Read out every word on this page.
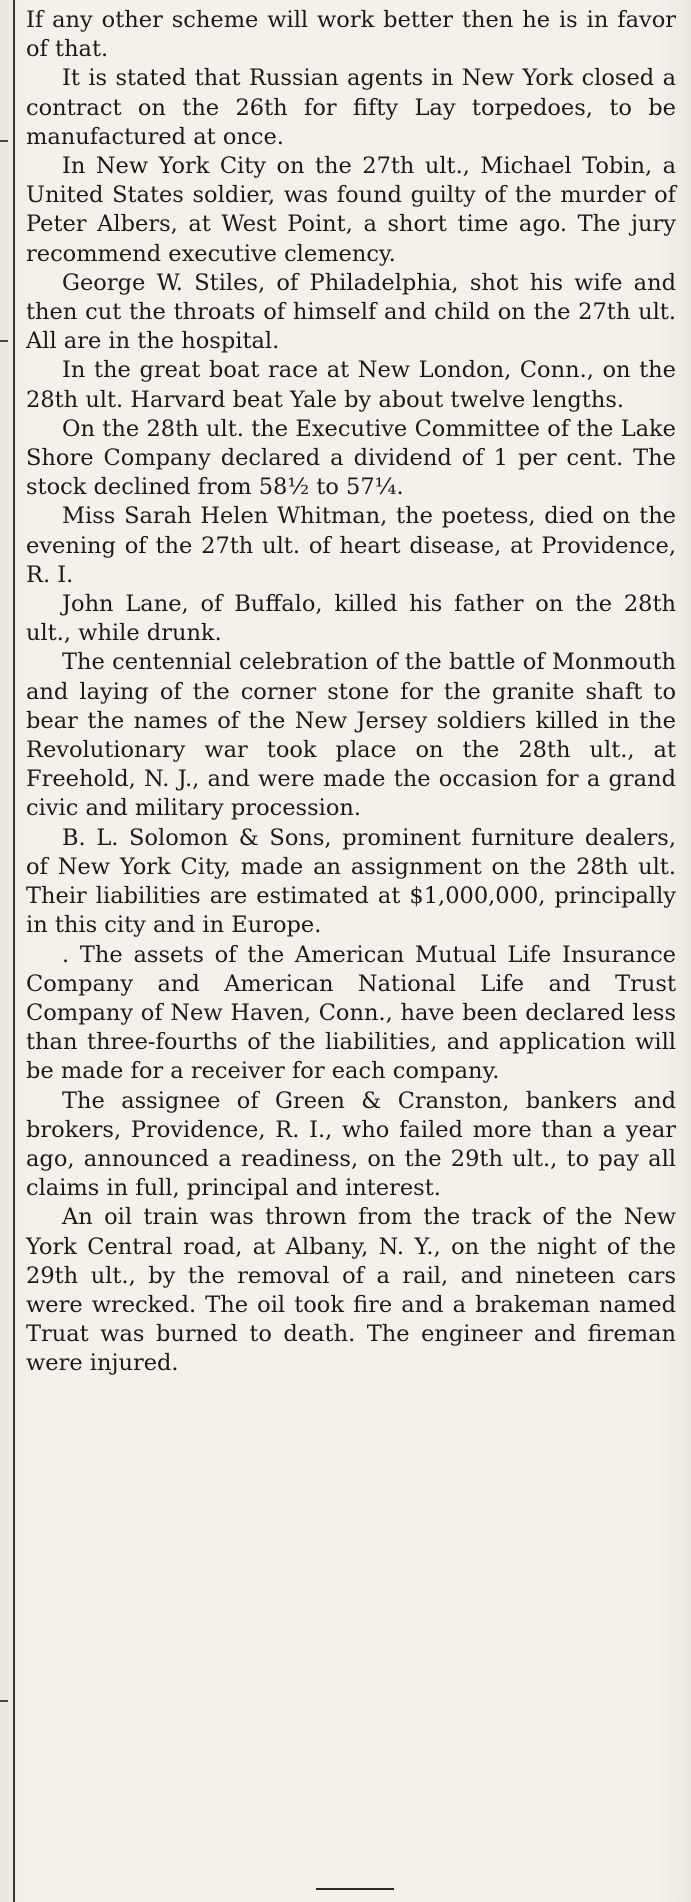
If any other scheme will work better then he is in favor of that.

It is stated that Russian agents in New York closed a contract on the 26th for fifty Lay torpedoes, to be manufactured at once.

In New York City on the 27th ult., Michael Tobin, a United States soldier, was found guilty of the murder of Peter Albers, at West Point, a short time ago. The jury recommend executive clemency.

George W. Stiles, of Philadelphia, shot his wife and then cut the throats of himself and child on the 27th ult. All are in the hospital.

In the great boat race at New London, Conn., on the 28th ult. Harvard beat Yale by about twelve lengths.

On the 28th ult. the Executive Committee of the Lake Shore Company declared a dividend of 1 per cent. The stock declined from 58½ to 57¼.

Miss Sarah Helen Whitman, the poetess, died on the evening of the 27th ult. of heart disease, at Providence, R. I.

John Lane, of Buffalo, killed his father on the 28th ult., while drunk.

The centennial celebration of the battle of Monmouth and laying of the corner stone for the granite shaft to bear the names of the New Jersey soldiers killed in the Revolutionary war took place on the 28th ult., at Freehold, N. J., and were made the occasion for a grand civic and military procession.

B. L. Solomon & Sons, prominent furniture dealers, of New York City, made an assignment on the 28th ult. Their liabilities are estimated at $1,000,000, principally in this city and in Europe.

. The assets of the American Mutual Life Insurance Company and American National Life and Trust Company of New Haven, Conn., have been declared less than three-fourths of the liabilities, and application will be made for a receiver for each company.

The assignee of Green & Cranston, bankers and brokers, Providence, R. I., who failed more than a year ago, announced a readiness, on the 29th ult., to pay all claims in full, principal and interest.

An oil train was thrown from the track of the New York Central road, at Albany, N. Y., on the night of the 29th ult., by the removal of a rail, and nineteen cars were wrecked. The oil took fire and a brakeman named Truat was burned to death. The engineer and fireman were injured.
